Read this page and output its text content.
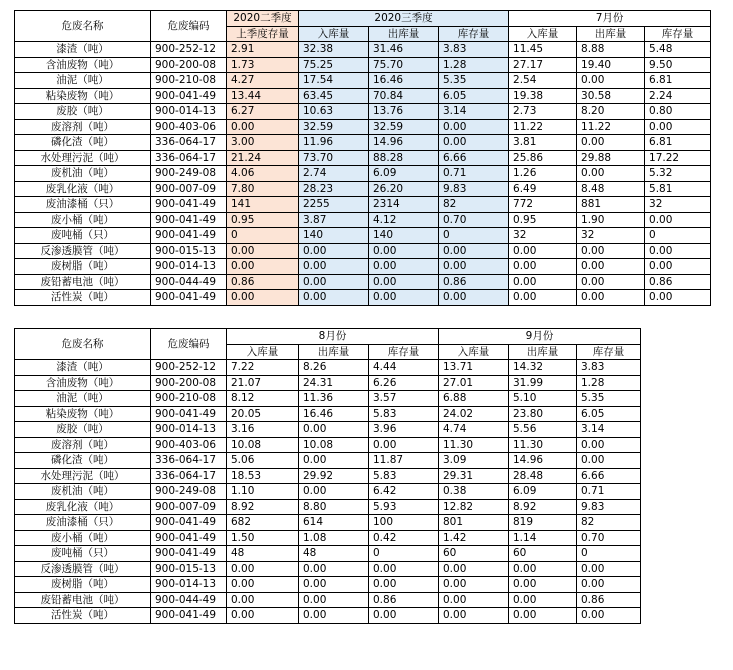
危废名称	危废编码	2020二季度	2020三季度			7月份		
		上季度存量	入库量	出库量	库存量	入库量	出库量	库存量
漆渣（吨）	900-252-12	2.91	32.38	31.46	3.83	11.45	8.88	5.48
含油废物（吨）	900-200-08	1.73	75.25	75.70	1.28	27.17	19.40	9.50
油泥（吨）	900-210-08	4.27	17.54	16.46	5.35	2.54	0.00	6.81
粘染废物（吨）	900-041-49	13.44	63.45	70.84	6.05	19.38	30.58	2.24
废胶（吨）	900-014-13	6.27	10.63	13.76	3.14	2.73	8.20	0.80
废溶剂（吨）	900-403-06	0.00	32.59	32.59	0.00	11.22	11.22	0.00
磷化渣（吨）	336-064-17	3.00	11.96	14.96	0.00	3.81	0.00	6.81
水处理污泥（吨）	336-064-17	21.24	73.70	88.28	6.66	25.86	29.88	17.22
废机油（吨）	900-249-08	4.06	2.74	6.09	0.71	1.26	0.00	5.32
废乳化液（吨）	900-007-09	7.80	28.23	26.20	9.83	6.49	8.48	5.81
废油漆桶（只）	900-041-49	141	2255	2314	82	772	881	32
废小桶（吨）	900-041-49	0.95	3.87	4.12	0.70	0.95	1.90	0.00
废吨桶（只）	900-041-49	0	140	140	0	32	32	0
反渗透膜管（吨）	900-015-13	0.00	0.00	0.00	0.00	0.00	0.00	0.00
废树脂（吨）	900-014-13	0.00	0.00	0.00	0.00	0.00	0.00	0.00
废铅蓄电池（吨）	900-044-49	0.86	0.00	0.00	0.86	0.00	0.00	0.86
活性炭（吨）	900-041-49	0.00	0.00	0.00	0.00	0.00	0.00	0.00
危废名称	危废编码	8月份			9月份		
		入库量	出库量	库存量	入库量	出库量	库存量
漆渣（吨）	900-252-12	7.22	8.26	4.44	13.71	14.32	3.83
含油废物（吨）	900-200-08	21.07	24.31	6.26	27.01	31.99	1.28
油泥（吨）	900-210-08	8.12	11.36	3.57	6.88	5.10	5.35
粘染废物（吨）	900-041-49	20.05	16.46	5.83	24.02	23.80	6.05
废胶（吨）	900-014-13	3.16	0.00	3.96	4.74	5.56	3.14
废溶剂（吨）	900-403-06	10.08	10.08	0.00	11.30	11.30	0.00
磷化渣（吨）	336-064-17	5.06	0.00	11.87	3.09	14.96	0.00
水处理污泥（吨）	336-064-17	18.53	29.92	5.83	29.31	28.48	6.66
废机油（吨）	900-249-08	1.10	0.00	6.42	0.38	6.09	0.71
废乳化液（吨）	900-007-09	8.92	8.80	5.93	12.82	8.92	9.83
废油漆桶（只）	900-041-49	682	614	100	801	819	82
废小桶（吨）	900-041-49	1.50	1.08	0.42	1.42	1.14	0.70
废吨桶（只）	900-041-49	48	48	0	60	60	0
反渗透膜管（吨）	900-015-13	0.00	0.00	0.00	0.00	0.00	0.00
废树脂（吨）	900-014-13	0.00	0.00	0.00	0.00	0.00	0.00
废铅蓄电池（吨）	900-044-49	0.00	0.00	0.86	0.00	0.00	0.86
活性炭（吨）	900-041-49	0.00	0.00	0.00	0.00	0.00	0.00
